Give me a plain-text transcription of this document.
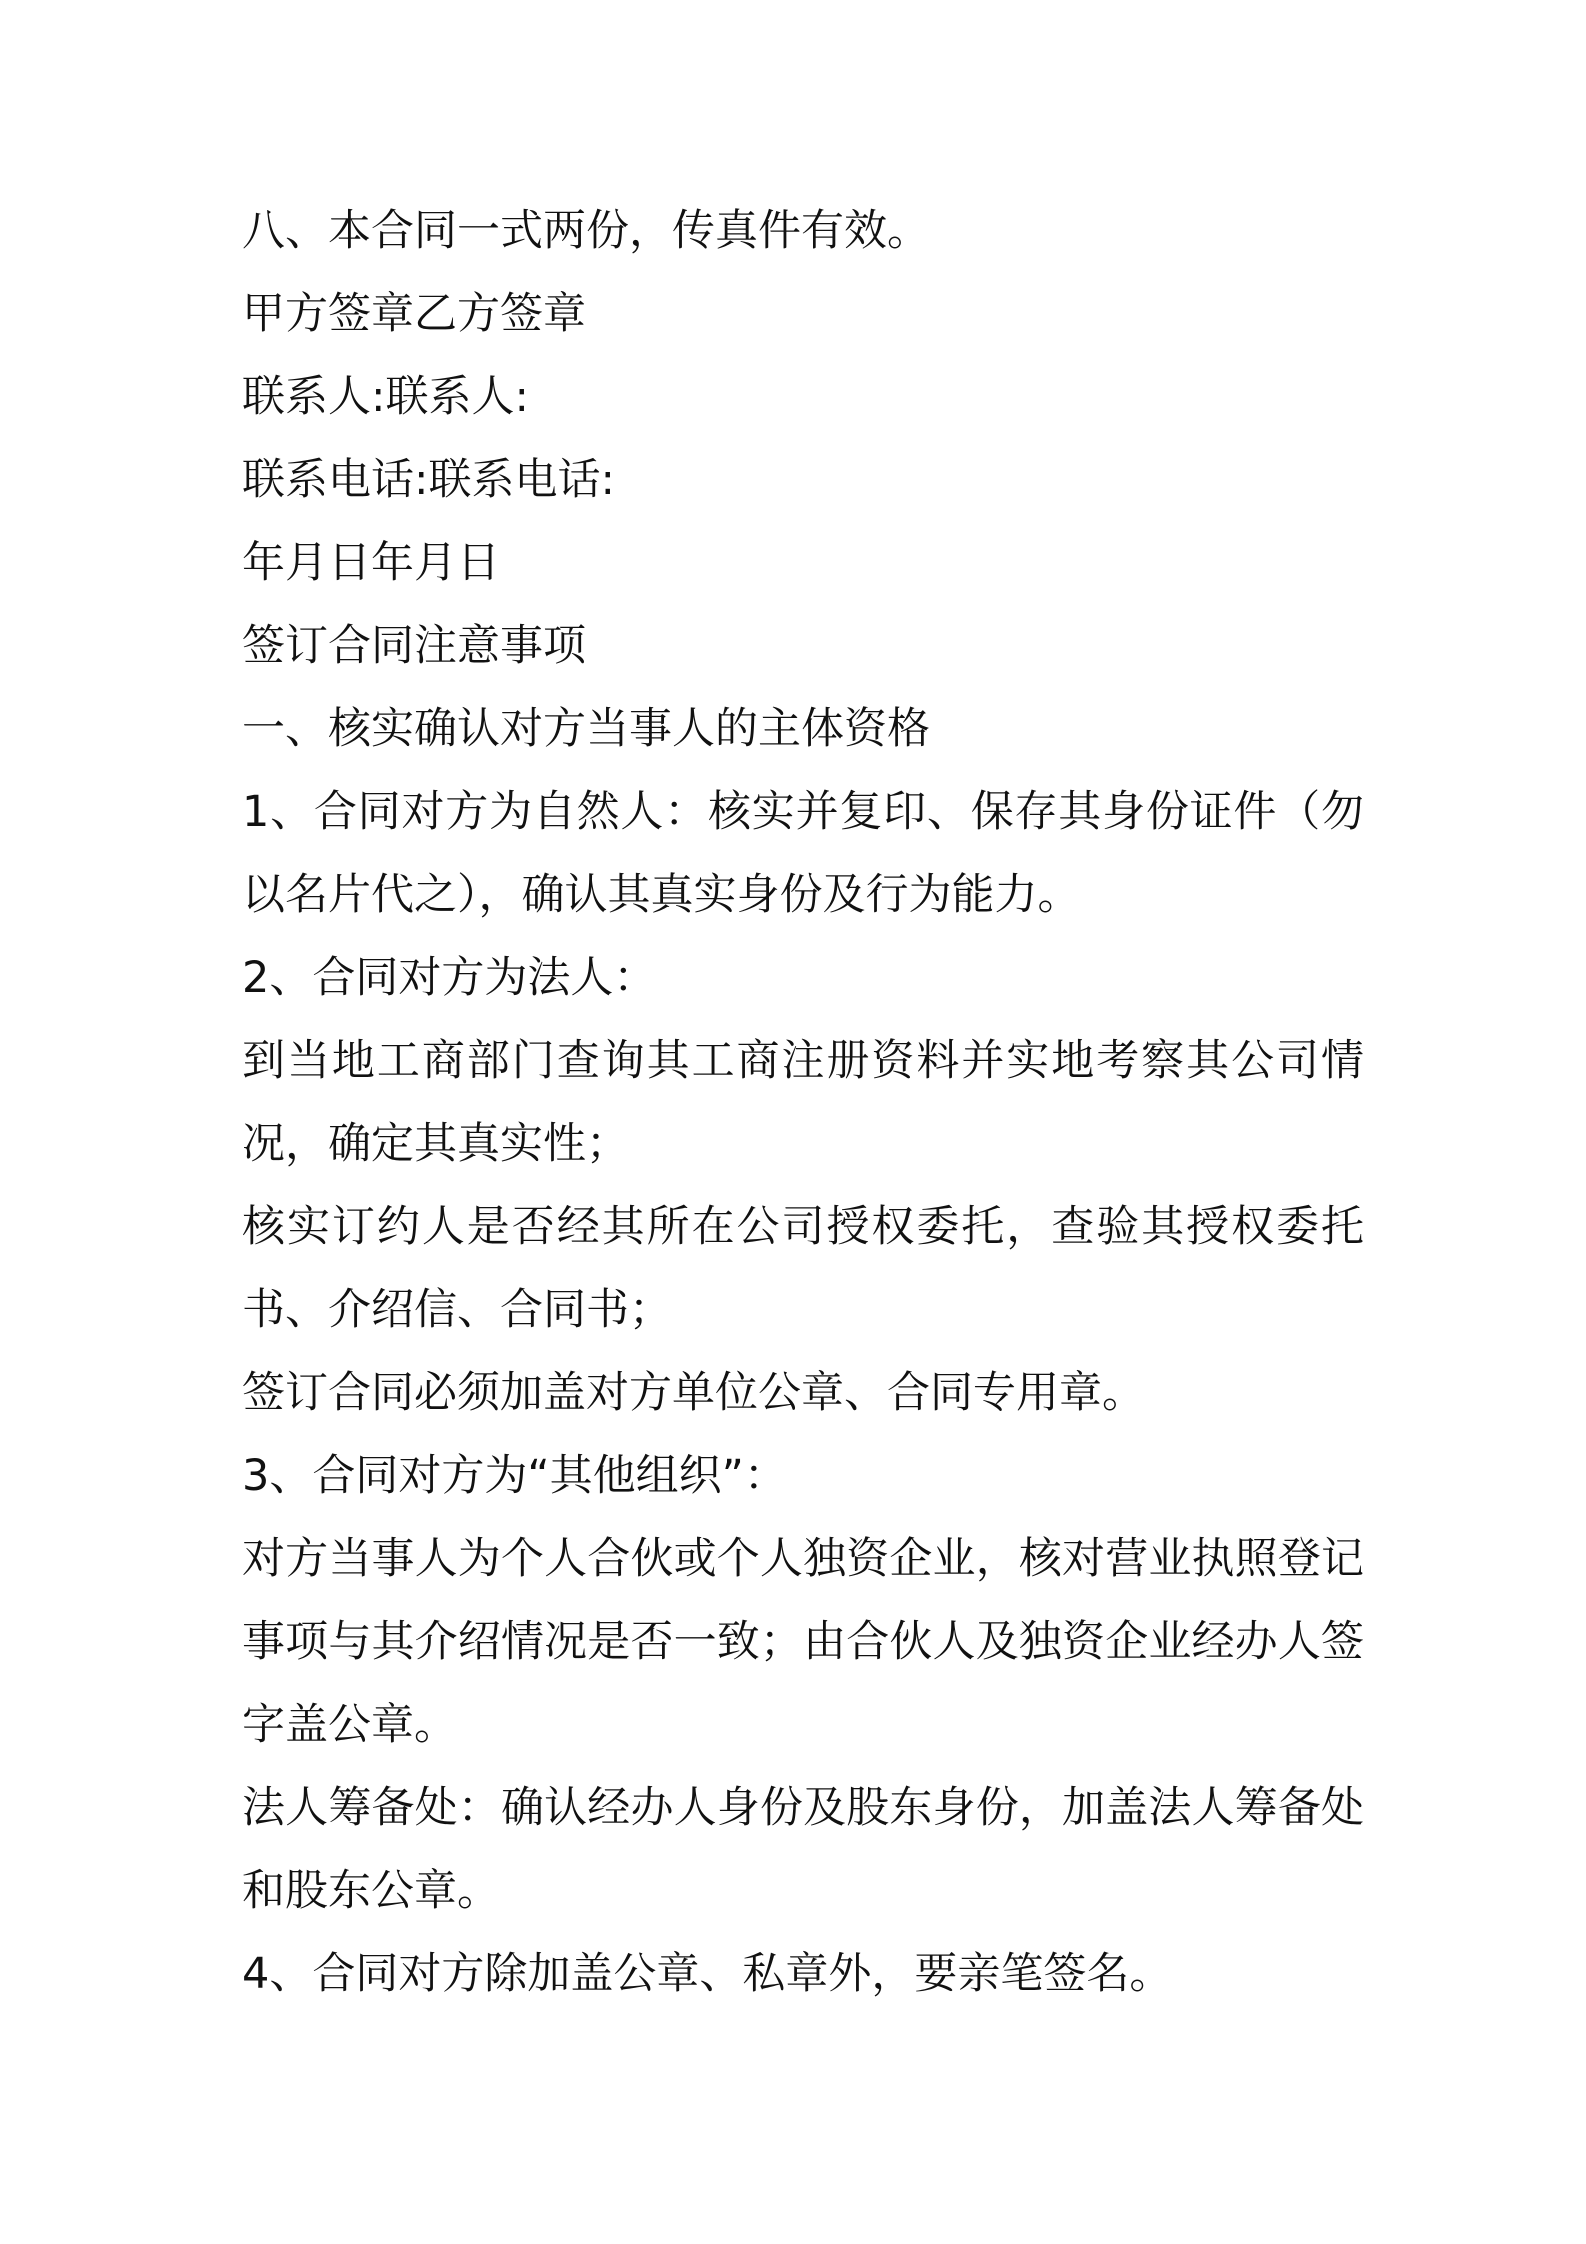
八、本合同一式两份，传真件有效。

甲方签章乙方签章

联系人:联系人:

联系电话:联系电话:

年月日年月日

签订合同注意事项

一、核实确认对方当事人的主体资格

1、合同对方为自然人：核实并复印、保存其身份证件（勿以名片代之），确认其真实身份及行为能力。

2、合同对方为法人：

到当地工商部门查询其工商注册资料并实地考察其公司情况，确定其真实性；

核实订约人是否经其所在公司授权委托，查验其授权委托书、介绍信、合同书；

签订合同必须加盖对方单位公章、合同专用章。

3、合同对方为“其他组织”：

对方当事人为个人合伙或个人独资企业，核对营业执照登记事项与其介绍情况是否一致；由合伙人及独资企业经办人签字盖公章。

法人筹备处：确认经办人身份及股东身份，加盖法人筹备处和股东公章。

4、合同对方除加盖公章、私章外，要亲笔签名。
